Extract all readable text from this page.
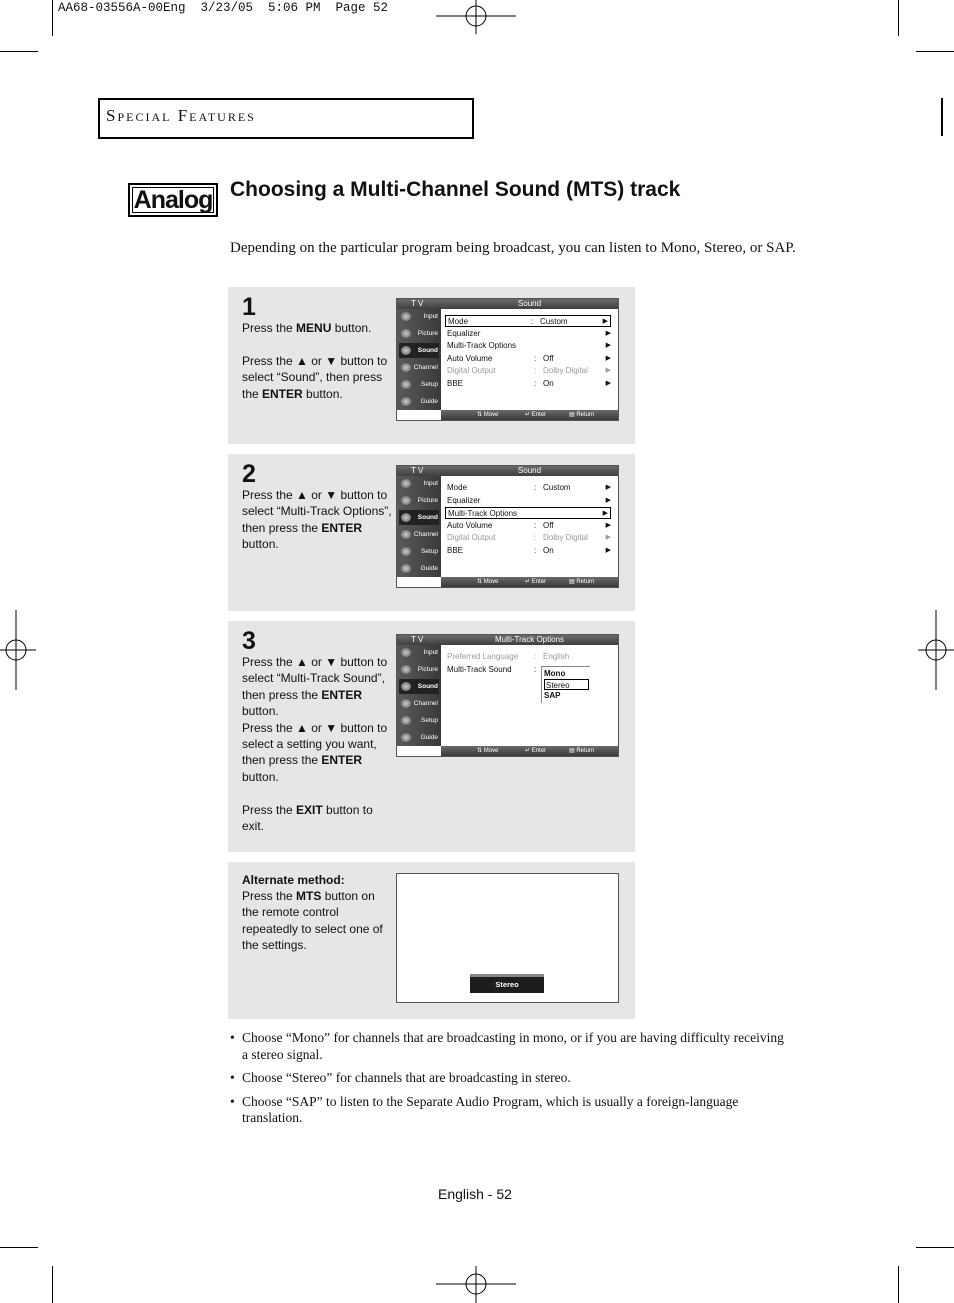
AA68-03556A-00Eng  3/23/05  5:06 PM  Page 52
Special Features
Analog Choosing a Multi-Channel Sound (MTS) track
Depending on the particular program being broadcast, you can listen to Mono, Stereo, or SAP.
1
Press the MENU button.

Press the ▲ or ▼ button to select “Sound”, then press the ENTER button.
T V	Sound
Input
Picture
Sound
Channel
Setup
Guide
Mode	: Custom	▶
Equalizer	▶
Multi-Track Options	▶
Auto Volume	: Off	▶
Digital Output	: Dolby Digital	▶
BBE	: On	▶
⇅ Move	↵ Enter	▤ Return
2
Press the ▲ or ▼ button to select “Multi-Track Options”, then press the ENTER button.
T V	Sound
Input
Picture
Sound
Channel
Setup
Guide
Mode	: Custom	▶
Equalizer	▶
Multi-Track Options	▶
Auto Volume	: Off	▶
Digital Output	: Dolby Digital	▶
BBE	: On	▶
⇅ Move	↵ Enter	▤ Return
3
Press the ▲ or ▼ button to select “Multi-Track Sound”, then press the ENTER button.
Press the ▲ or ▼ button to select a setting you want, then press the ENTER button.

Press the EXIT button to exit.
T V	Multi-Track Options
Input
Picture
Sound
Channel
Setup
Guide
Preferred Language : English
Multi-Track Sound	: Mono
Stereo
SAP
⇅ Move	↵ Enter	▤ Return
Alternate method:
Press the MTS button on the remote control repeatedly to select one of the settings.
Stereo
• Choose “Mono” for channels that are broadcasting in mono, or if you are having difficulty receiving a stereo signal.
• Choose “Stereo” for channels that are broadcasting in stereo.
• Choose “SAP” to listen to the Separate Audio Program, which is usually a foreign-language translation.
English - 52
